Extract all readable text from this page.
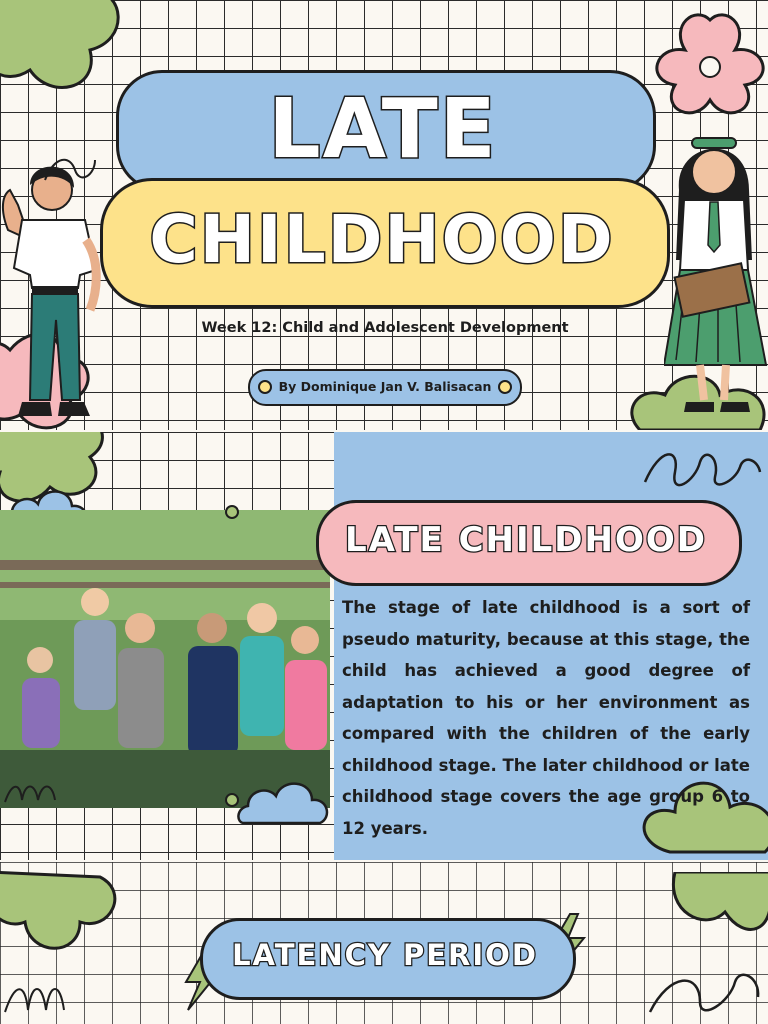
LATE
CHILDHOOD
Week 12: Child and Adolescent Development
By Dominique Jan V. Balisacan
LATE CHILDHOOD
The stage of late childhood is a sort of pseudo maturity, because at this stage, the child has achieved a good degree of adaptation to his or her environment as compared with the children of the early childhood stage. The later childhood or late childhood stage covers the age group 6 to 12 years.
LATENCY PERIOD
